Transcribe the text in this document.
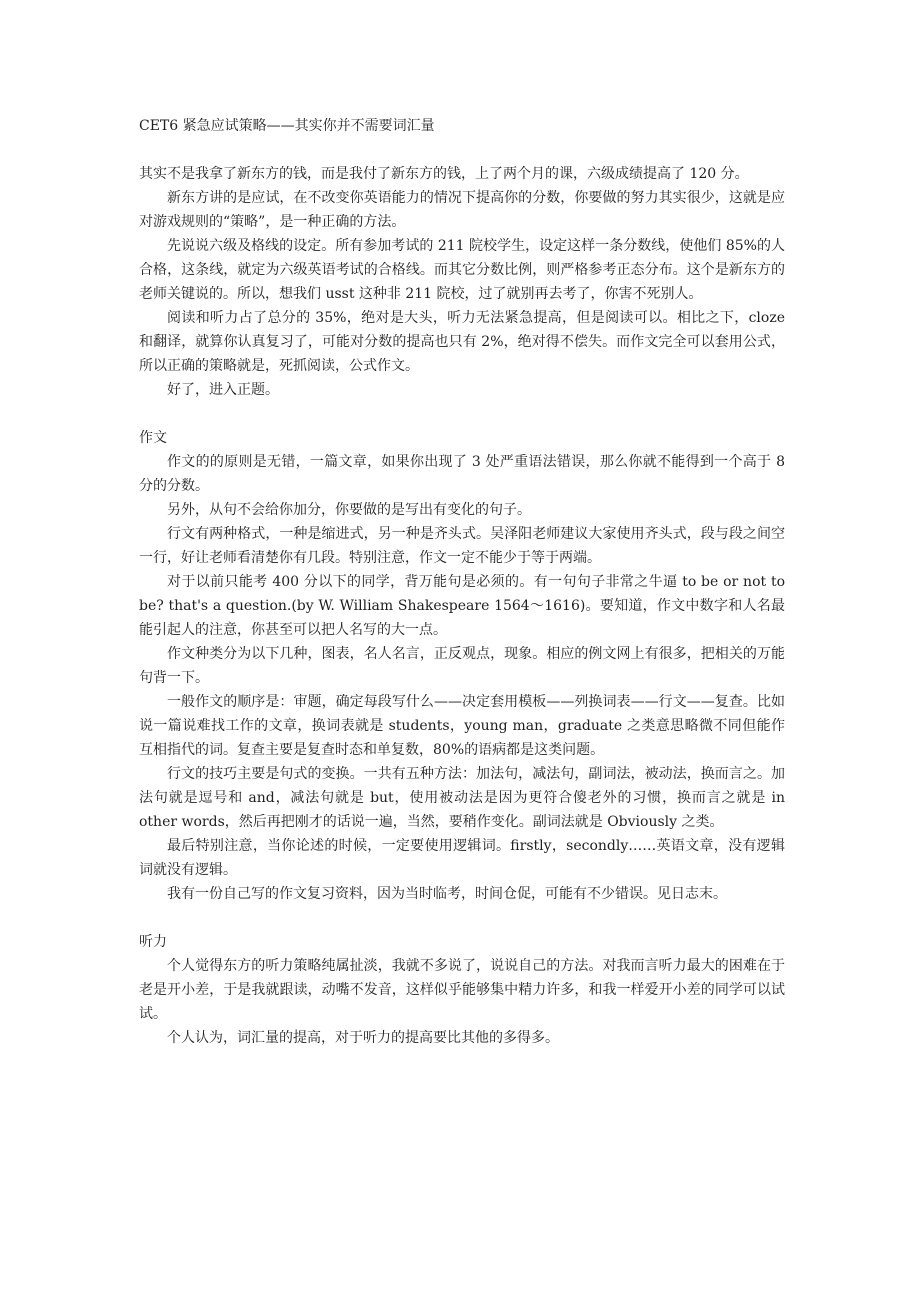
CET6 紧急应试策略——其实你并不需要词汇量

其实不是我拿了新东方的钱，而是我付了新东方的钱，上了两个月的课，六级成绩提高了 120 分。

新东方讲的是应试，在不改变你英语能力的情况下提高你的分数，你要做的努力其实很少，这就是应对游戏规则的“策略”，是一种正确的方法。

先说说六级及格线的设定。所有参加考试的 211 院校学生，设定这样一条分数线，使他们 85%的人合格，这条线，就定为六级英语考试的合格线。而其它分数比例，则严格参考正态分布。这个是新东方的老师关键说的。所以，想我们 usst 这种非 211 院校，过了就别再去考了，你害不死别人。

阅读和听力占了总分的 35%，绝对是大头，听力无法紧急提高，但是阅读可以。相比之下，cloze 和翻译，就算你认真复习了，可能对分数的提高也只有 2%，绝对得不偿失。而作文完全可以套用公式，所以正确的策略就是，死抓阅读，公式作文。

好了，进入正题。

作文

作文的的原则是无错，一篇文章，如果你出现了 3 处严重语法错误，那么你就不能得到一个高于 8 分的分数。

另外，从句不会给你加分，你要做的是写出有变化的句子。

行文有两种格式，一种是缩进式，另一种是齐头式。吴泽阳老师建议大家使用齐头式，段与段之间空一行，好让老师看清楚你有几段。特别注意，作文一定不能少于等于两端。

对于以前只能考 400 分以下的同学，背万能句是必须的。有一句句子非常之牛逼 to be or not to be? that's a question.(by W. William Shakespeare 1564～1616)。要知道，作文中数字和人名最能引起人的注意，你甚至可以把人名写的大一点。

作文种类分为以下几种，图表，名人名言，正反观点，现象。相应的例文网上有很多，把相关的万能句背一下。

一般作文的顺序是：审题，确定每段写什么——决定套用模板——列换词表——行文——复查。比如说一篇说难找工作的文章，换词表就是 students，young man，graduate 之类意思略微不同但能作互相指代的词。复查主要是复查时态和单复数，80%的语病都是这类问题。

行文的技巧主要是句式的变换。一共有五种方法：加法句，减法句，副词法，被动法，换而言之。加法句就是逗号和 and，减法句就是 but，使用被动法是因为更符合傻老外的习惯，换而言之就是 in other words，然后再把刚才的话说一遍，当然，要稍作变化。副词法就是 Obviously 之类。

最后特别注意，当你论述的时候，一定要使用逻辑词。firstly，secondly……英语文章，没有逻辑词就没有逻辑。

我有一份自己写的作文复习资料，因为当时临考，时间仓促，可能有不少错误。见日志末。

听力

个人觉得东方的听力策略纯属扯淡，我就不多说了，说说自己的方法。对我而言听力最大的困难在于老是开小差，于是我就跟读，动嘴不发音，这样似乎能够集中精力许多，和我一样爱开小差的同学可以试试。

个人认为，词汇量的提高，对于听力的提高要比其他的多得多。
